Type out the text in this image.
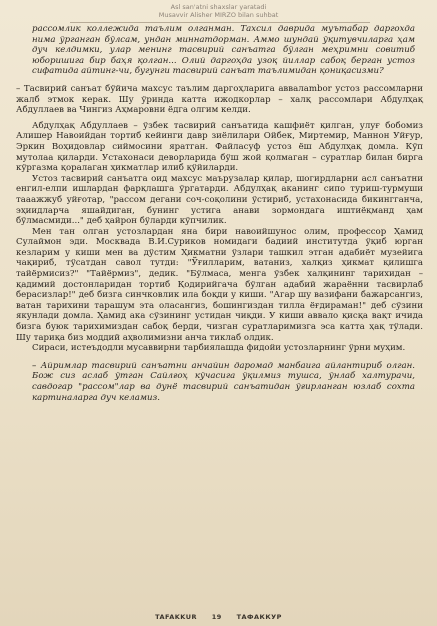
Asl san'atni shaxslar yaratadi
Musavvir Alisher MIRZO bilan suhbat

рассомлик коллежида таълим олганман. Тахсил даврида муътабар даргохда нима ўрганган бўлсам, ундан миннатдорман. Аммо шундай ўқитувчиларга ҳам дуч келдимки, улар менинг тасвирий санъатга бўлган меҳримни совитиб юборишига бир баҳя қолган... Олий даргоҳда узоқ йиллар сабоқ берган устоз сифатида айтинг-чи, бугунги тасвирий санъат таълимидан қониқасизми?

– Тасвирий санъат бўйича махсус таълим даргоҳларига аввалambor устоз рассомларни жалб этмок керак. Шу ўринда катта ижодкорлар – халқ рассомлари Абдулҳақ Абдуллаев ва Чингиз Аҳмаровни ёдга олгим келди.

Абдулҳақ Абдуллаев – ўзбек тасвирий санъатида кашфиёт қилган, улуғ бобомиз Алишер Навоийдан тортиб кейинги давр зиёлилари Ойбек, Миртемир, Маннон Уйғур, Эркин Воҳидовлар сиймосини яратган. Файласуф устоз ёш Абдулҳақ домла. Кўп мутолаа қиларди. Устахонаси деворларида бўш жой қолмаган – суратлар билан бирга кўргазма қоралаган ҳикматлар илиб қўйиларди.

Устоз тасвирий санъатга оид махсус маърузалар қилар, шогирдларни асл санъатни енгил-елпи ишлардан фарқлашга ўргатарди. Абдулҳақ аканинг сипо туриш-турмуши тааажжуб уйғотар, "рассом дегани соч-соқолини ўстириб, устахонасида бикингганча, эҳиидларча яшайдиган, бунинг устига анави зормондага иштиёқманд ҳам бўлмасмиди..." деб ҳайрон бўларди кўпчилик.

Мен тан олган устозлардан яна бири навоийшунос олим, профессор Ҳамид Сулаймон эди. Москвада В.И.Суриков номидаги бадиий институтда ўқиб юрган кезларим у киши мен ва дўстим Ҳикматни ўзлари ташкил этган адабиёт музейига чақириб, тўсатдан савол тутди: "Ўғилларим, ватаниз, халқиз ҳикмат қилишга тайёрмисиз?" "Тайёрмиз", дедик. "Бўлмаса, менга ўзбек халқининг тарихидан – қадимий достонларидан тортиб Қодирийгача бўлган адабий жараённи тасвирлаб берасизлар!" деб бизга синчковлик ила боқди у киши. "Агар шу вазифани бажарсангиз, ватан тарихини тарашум эта оласангиз, бошингиздан тилла ёғдираман!" деб сўзини якунлади домла. Ҳамид ака сўзининг устидан чиқди. У киши аввало қисқа вақт ичида бизга буюк тарихимиздан сабоқ берди, чизган суратларимизга эса катта ҳақ тўлади. Шу тариқа биз моддий аҳволимизни анча тиклаб олдик.

Сираси, истеъдодли мусаввирни тарбиялашда фидойи устозларнинг ўрни муҳим.

– Айримлар тасвирий санъатни анчайин даромад манбаига айлантириб олган. Бож сиз аслаб ўтган Сайлғоҳ кўчасига ўқилмиз тушса, ўнлаб халтурачи, савдогар "рассом"лар ва дунё тасвирий санъатидан ўғирланган юзлаб сохта картиналарга дуч келамиз.

TAFAKKUR 19 ТАФАККУР
